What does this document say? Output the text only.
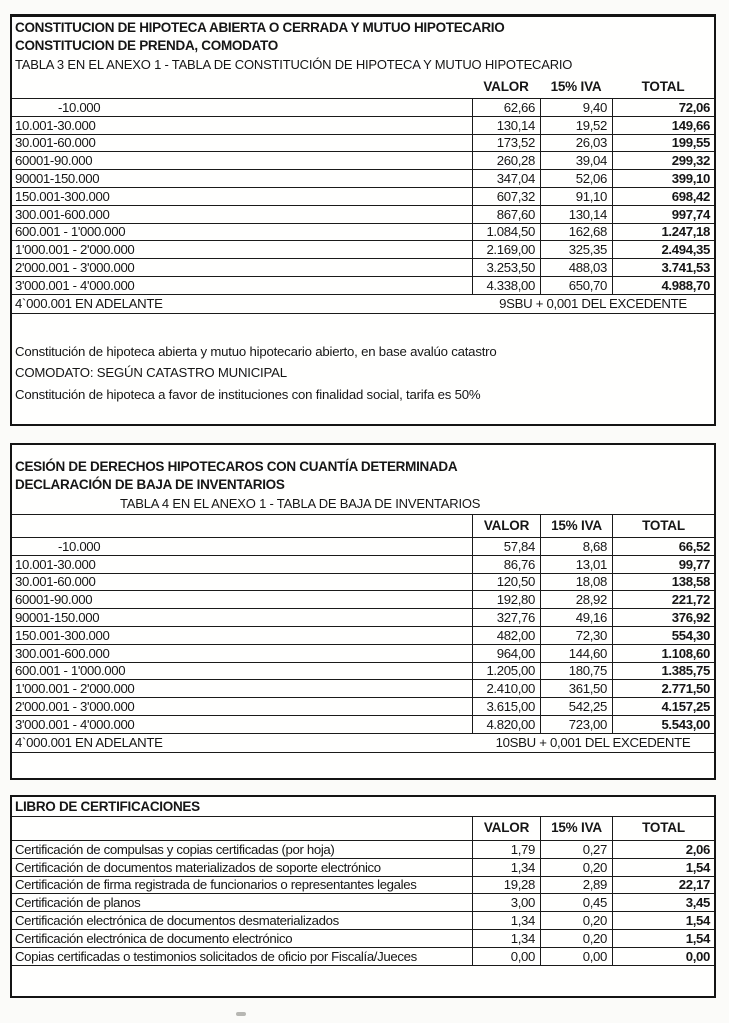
CONSTITUCION DE HIPOTECA ABIERTA O CERRADA Y MUTUO HIPOTECARIO
CONSTITUCION DE PRENDA, COMODATO
TABLA 3 EN EL ANEXO 1 - TABLA DE CONSTITUCIÓN DE HIPOTECA Y MUTUO HIPOTECARIO
VALOR	15% IVA	TOTAL
-10.000	62,66	9,40	72,06
10.001-30.000	130,14	19,52	149,66
30.001-60.000	173,52	26,03	199,55
60001-90.000	260,28	39,04	299,32
90001-150.000	347,04	52,06	399,10
150.001-300.000	607,32	91,10	698,42
300.001-600.000	867,60	130,14	997,74
600.001 - 1'000.000	1.084,50	162,68	1.247,18
1'000.001 - 2'000.000	2.169,00	325,35	2.494,35
2'000.001 - 3'000.000	3.253,50	488,03	3.741,53
3'000.001 - 4'000.000	4.338,00	650,70	4.988,70
4`000.001 EN ADELANTE	9SBU + 0,001 DEL EXCEDENTE
Constitución de hipoteca abierta y mutuo hipotecario abierto, en base avalúo catastro
COMODATO: SEGÚN CATASTRO MUNICIPAL
Constitución de hipoteca a favor de instituciones con finalidad social, tarifa es 50%
CESIÓN DE DERECHOS HIPOTECAROS CON CUANTÍA DETERMINADA
DECLARACIÓN DE BAJA DE INVENTARIOS
TABLA 4 EN EL ANEXO 1 - TABLA DE BAJA DE INVENTARIOS
VALOR	15% IVA	TOTAL
-10.000	57,84	8,68	66,52
10.001-30.000	86,76	13,01	99,77
30.001-60.000	120,50	18,08	138,58
60001-90.000	192,80	28,92	221,72
90001-150.000	327,76	49,16	376,92
150.001-300.000	482,00	72,30	554,30
300.001-600.000	964,00	144,60	1.108,60
600.001 - 1'000.000	1.205,00	180,75	1.385,75
1'000.001 - 2'000.000	2.410,00	361,50	2.771,50
2'000.001 - 3'000.000	3.615,00	542,25	4.157,25
3'000.001 - 4'000.000	4.820,00	723,00	5.543,00
4`000.001 EN ADELANTE	10SBU + 0,001 DEL EXCEDENTE
LIBRO DE CERTIFICACIONES
VALOR	15% IVA	TOTAL
Certificación de compulsas y copias certificadas (por hoja)	1,79	0,27	2,06
Certificación de documentos materializados de soporte electrónico	1,34	0,20	1,54
Certificación de firma registrada de funcionarios o representantes legales	19,28	2,89	22,17
Certificación de planos	3,00	0,45	3,45
Certificación electrónica de documentos desmaterializados	1,34	0,20	1,54
Certificación electrónica de documento electrónico	1,34	0,20	1,54
Copias certificadas o testimonios solicitados de oficio por Fiscalía/Jueces	0,00	0,00	0,00
